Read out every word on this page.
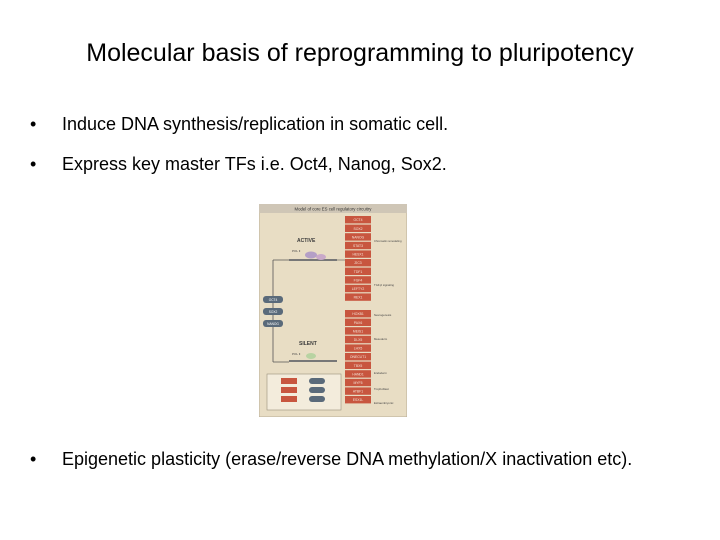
Molecular basis of reprogramming to pluripotency
• Induce DNA synthesis/replication in somatic cell.
• Express key master TFs i.e. Oct4, Nanog, Sox2.
Model of core ES cell regulatory circuitry
ACTIVE
POL II
SILENT
POL II
OCT4
SOX2
NANOG
OCT4
SOX2
NANOG
STAT3
HESX1
ZIC3
TDF1
FGF4
LEFTY2
REX1
HOXB1
PAX6
MEIS1
DLX5
LHX5
ONECUT1
TBX5
HAND1
MYF5
ATBF1
ESX1L
Chromatin remodeling
TGF-β signaling
Neurogenesis
Mesoderm
Endoderm
Trophoblast
Extraembryonic
• Epigenetic plasticity (erase/reverse DNA methylation/X inactivation etc).
